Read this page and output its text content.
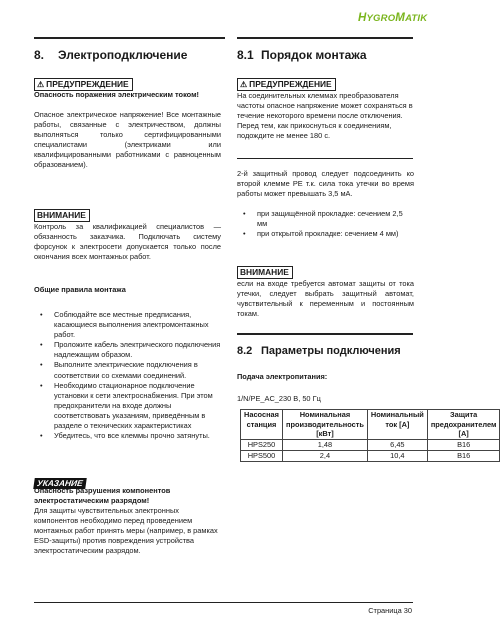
HYGROMATIK
8. Электроподключение
⚠ ПРЕДУПРЕЖДЕНИЕ
Опасность поражения электрическим током!
Опасное электрическое напряжение! Все монтажные работы, связанные с электричеством, должны выполняться только сертифицированными специалистами (электриками или квалифицированными работниками с равноценным образованием).
ВНИМАНИЕ
Контроль за квалификацией специалистов — обязанность заказчика. Подключать систему форсунок к электросети допускается только после окончания всех монтажных работ.
Общие правила монтажа
• Соблюдайте все местные предписания, касающиеся выполнения электромонтажных работ.
• Проложите кабель электрического подключения надлежащим образом.
• Выполните электрические подключения в соответствии со схемами соединений.
• Необходимо стационарное подключение установки к сети электроснабжения. При этом предохранители на входе должны соответствовать указаниям, приведённым в разделе о технических характеристиках
• Убедитесь, что все клеммы прочно затянуты.
УКАЗАНИЕ
Опасность разрушения компонентов электростатическим разрядом!
Для защиты чувствительных электронных компонентов необходимо перед проведением монтажных работ принять меры (например, в рамках ESD-защиты) против повреждения устройства электростатическим разрядом.
8.1 Порядок монтажа
⚠ ПРЕДУПРЕЖДЕНИЕ
На соединительных клеммах преобразователя частоты опасное напряжение может сохраняться в течение некоторого времени после отключения. Перед тем, как прикоснуться к соединениям, подождите не менее 180 с.
2-й защитный провод следует подсоединить ко второй клемме PE т.к. сила тока утечки во время работы может превышать 3,5 мА.
• при защищённой прокладке: сечением 2,5 мм
• при открытой прокладке: сечением 4 мм)
ВНИМАНИЕ
если на входе требуется автомат защиты от тока утечки, следует выбрать защитный автомат, чувствительный к переменным и постоянным токам.
8.2 Параметры подключения
Подача электропитания:
1/N/PE_AC_230 В, 50 Гц
Насосная станция	Номинальная производительность [кВт]	Номинальный ток [A]	Защита предохранителем [A]
HPS250	1,48	6,45	B16
HPS500	2,4	10,4	B16
Страница 30
